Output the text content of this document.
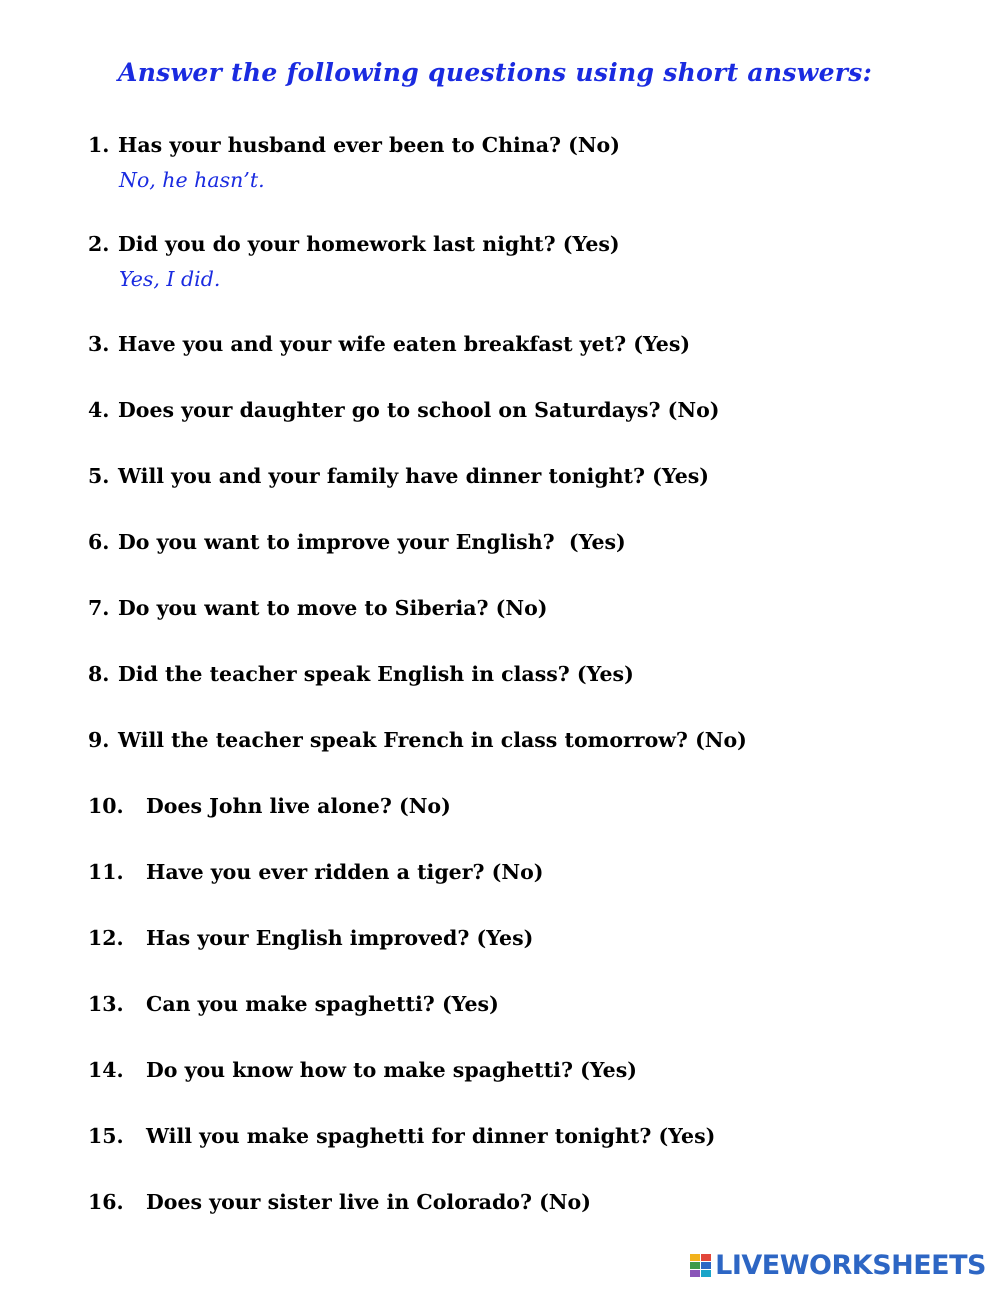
Answer the following questions using short answers:
1. Has your husband ever been to China? (No)
No, he hasn’t.
2. Did you do your homework last night? (Yes)
Yes, I did.
3. Have you and your wife eaten breakfast yet? (Yes)
4. Does your daughter go to school on Saturdays? (No)
5. Will you and your family have dinner tonight? (Yes)
6. Do you want to improve your English?  (Yes)
7. Do you want to move to Siberia? (No)
8. Did the teacher speak English in class? (Yes)
9. Will the teacher speak French in class tomorrow? (No)
10. Does John live alone? (No)
11. Have you ever ridden a tiger? (No)
12. Has your English improved? (Yes)
13. Can you make spaghetti? (Yes)
14. Do you know how to make spaghetti? (Yes)
15. Will you make spaghetti for dinner tonight? (Yes)
16. Does your sister live in Colorado? (No)
LIVEWORKSHEETS
